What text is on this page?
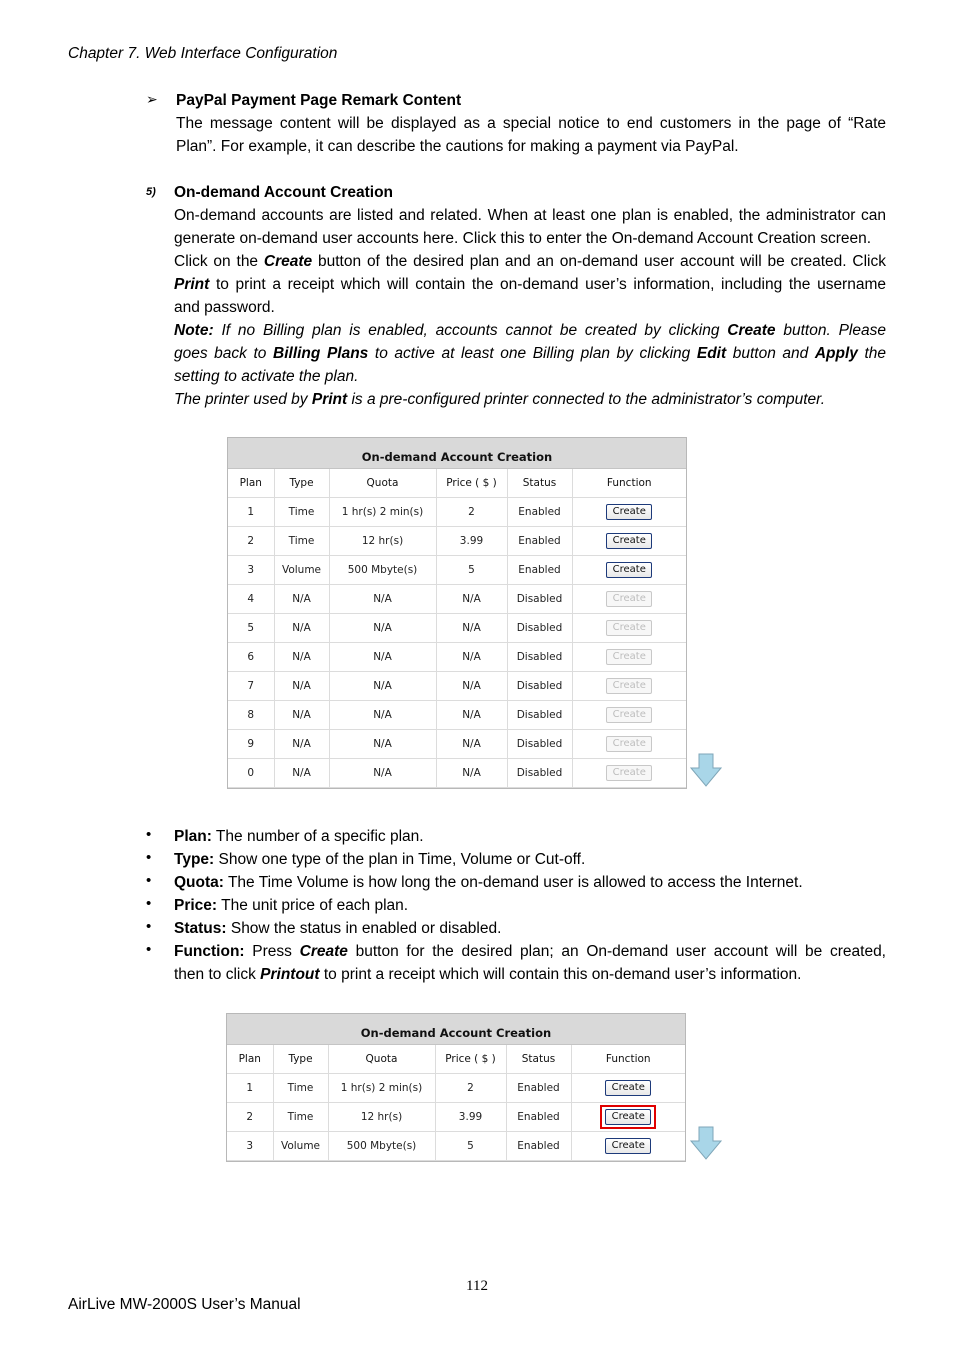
Chapter 7. Web Interface Configuration
➢ PayPal Payment Page Remark Content
The message content will be displayed as a special notice to end customers in the page of “Rate
Plan”. For example, it can describe the cautions for making a payment via PayPal.
5) On-demand Account Creation
On-demand accounts are listed and related. When at least one plan is enabled, the administrator can
generate on-demand user accounts here. Click this to enter the On-demand Account Creation screen.
Click on the Create button of the desired plan and an on-demand user account will be created. Click
Print to print a receipt which will contain the on-demand user’s information, including the username
and password.
Note: If no Billing plan is enabled, accounts cannot be created by clicking Create button. Please
goes back to Billing Plans to active at least one Billing plan by clicking Edit button and Apply the
setting to activate the plan.
The printer used by Print is a pre-configured printer connected to the administrator’s computer.
On-demand Account Creation
Plan	Type	Quota	Price ( $ )	Status	Function
1	Time	1 hr(s) 2 min(s)	2	Enabled	Create
2	Time	12 hr(s)	3.99	Enabled	Create
3	Volume	500 Mbyte(s)	5	Enabled	Create
4	N/A	N/A	N/A	Disabled	Create
5	N/A	N/A	N/A	Disabled	Create
6	N/A	N/A	N/A	Disabled	Create
7	N/A	N/A	N/A	Disabled	Create
8	N/A	N/A	N/A	Disabled	Create
9	N/A	N/A	N/A	Disabled	Create
0	N/A	N/A	N/A	Disabled	Create
• Plan: The number of a specific plan.
• Type: Show one type of the plan in Time, Volume or Cut-off.
• Quota: The Time Volume is how long the on-demand user is allowed to access the Internet.
• Price: The unit price of each plan.
• Status: Show the status in enabled or disabled.
• Function: Press Create button for the desired plan; an On-demand user account will be created,
then to click Printout to print a receipt which will contain this on-demand user’s information.
On-demand Account Creation
Plan	Type	Quota	Price ( $ )	Status	Function
1	Time	1 hr(s) 2 min(s)	2	Enabled	Create
2	Time	12 hr(s)	3.99	Enabled	Create
3	Volume	500 Mbyte(s)	5	Enabled	Create
112
AirLive MW-2000S User’s Manual
